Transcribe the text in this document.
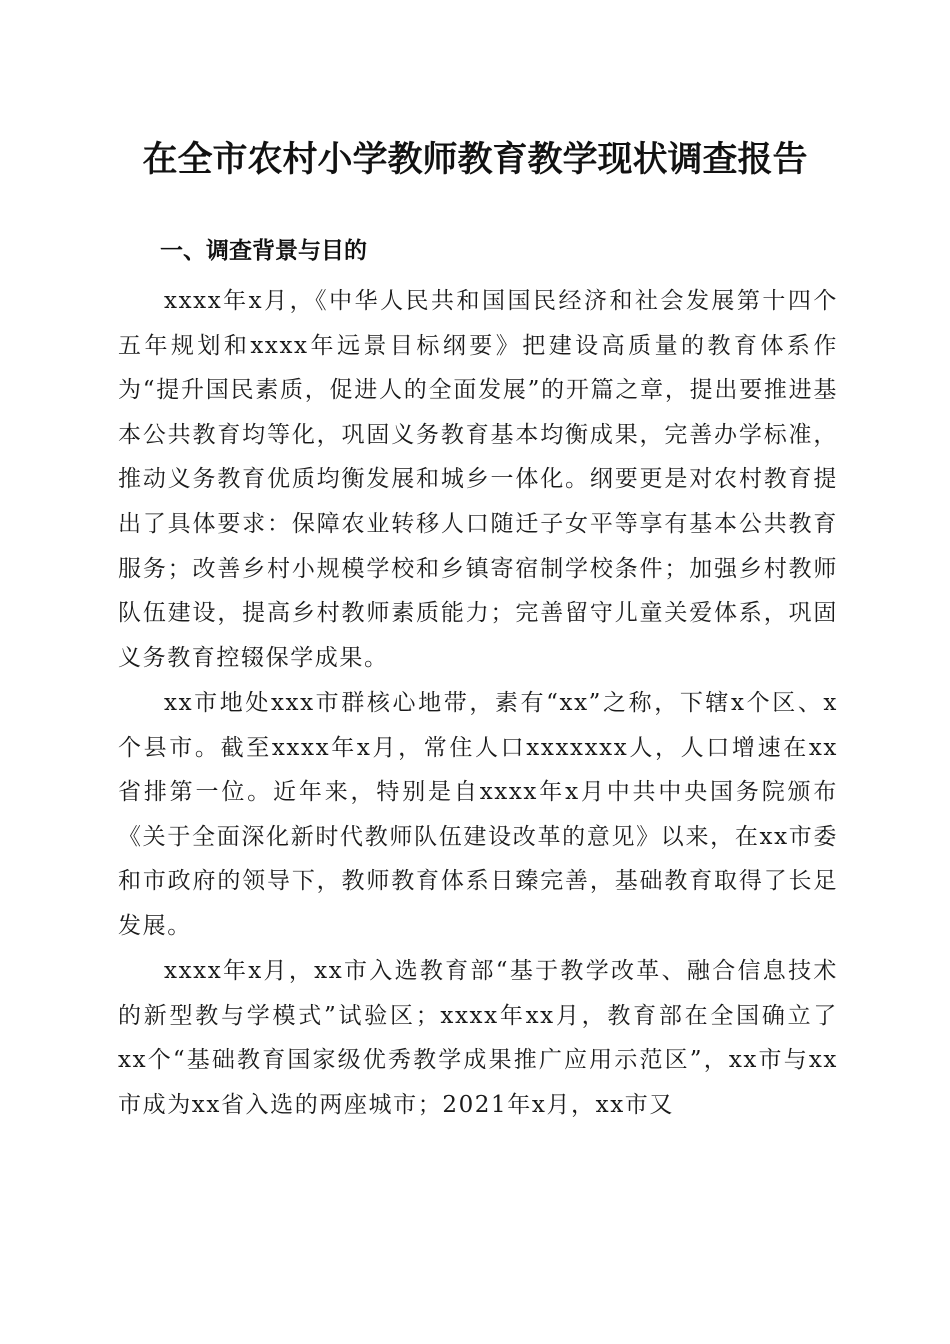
在全市农村小学教师教育教学现状调查报告
一、调查背景与目的

xxxx年x月，《中华人民共和国国民经济和社会发展第十四个五年规划和xxxx年远景目标纲要》把建设高质量的教育体系作为“提升国民素质，促进人的全面发展”的开篇之章，提出要推进基本公共教育均等化，巩固义务教育基本均衡成果，完善办学标准，推动义务教育优质均衡发展和城乡一体化。纲要更是对农村教育提出了具体要求：保障农业转移人口随迁子女平等享有基本公共教育服务；改善乡村小规模学校和乡镇寄宿制学校条件；加强乡村教师队伍建设，提高乡村教师素质能力；完善留守儿童关爱体系，巩固义务教育控辍保学成果。

xx市地处xxx市群核心地带，素有“xx”之称，下辖x个区、x个县市。截至xxxx年x月，常住人口xxxxxxx人，人口增速在xx省排第一位。近年来，特别是自xxxx年x月中共中央国务院颁布《关于全面深化新时代教师队伍建设改革的意见》以来，在xx市委和市政府的领导下，教师教育体系日臻完善，基础教育取得了长足发展。

xxxx年x月，xx市入选教育部“基于教学改革、融合信息技术的新型教与学模式”试验区；xxxx年xx月，教育部在全国确立了xx个“基础教育国家级优秀教学成果推广应用示范区”，xx市与xx市成为xx省入选的两座城市；2021年x月，xx市又
